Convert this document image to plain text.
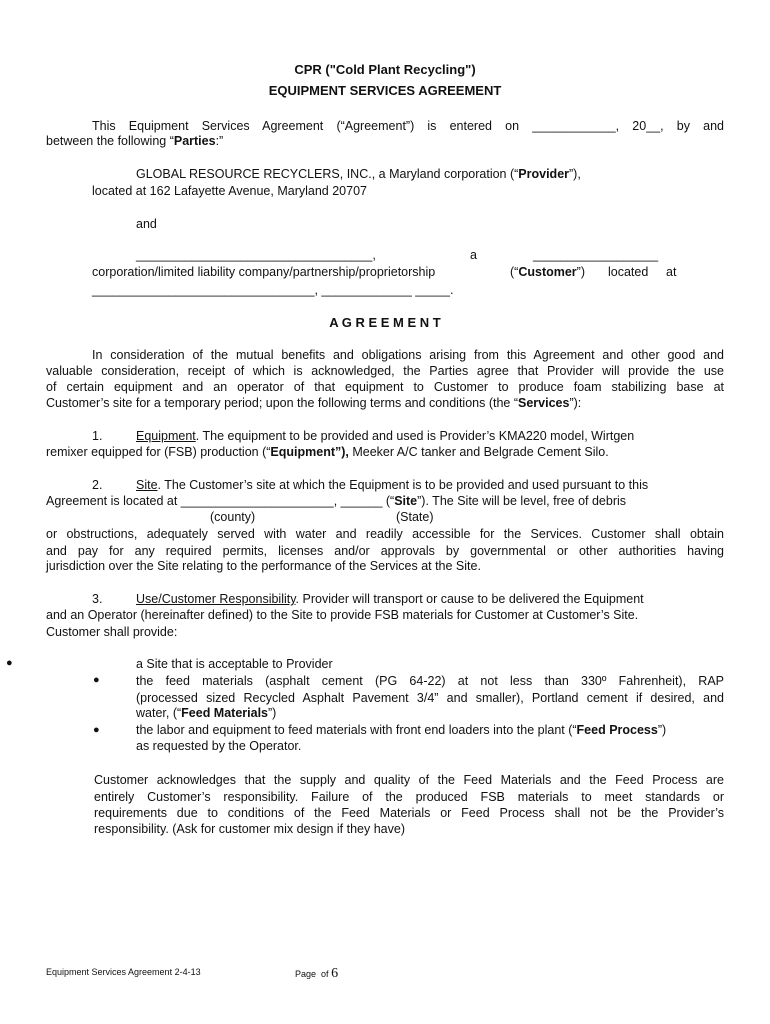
CPR ("Cold Plant Recycling")
EQUIPMENT SERVICES AGREEMENT
This Equipment Services Agreement (“Agreement”) is entered on ____________, 20__, by and
between the following “Parties:”
GLOBAL RESOURCE RECYCLERS, INC., a Maryland corporation (“Provider”),
located at 162 Lafayette Avenue, Maryland 20707
and
__________________________________,	a	__________________
corporation/limited liability company/partnership/proprietorship	(“Customer”) located at
________________________________, _____________ _____.
A G R E E M E N T
In consideration of the mutual benefits and obligations arising from this Agreement and other good and
valuable consideration, receipt of which is acknowledged, the Parties agree that Provider will provide the use
of certain equipment and an operator of that equipment to Customer to produce foam stabilizing base at
Customer’s site for a temporary period; upon the following terms and conditions (the “Services”):
1.	Equipment. The equipment to be provided and used is Provider’s KMA220 model, Wirtgen
remixer equipped for (FSB) production (“Equipment”), Meeker A/C tanker and Belgrade Cement Silo.
2.	Site. The Customer’s site at which the Equipment is to be provided and used pursuant to this
Agreement is located at ______________________, ______ (“Site”). The Site will be level, free of debris
(county)	(State)
or obstructions, adequately served with water and readily accessible for the Services. Customer shall obtain
and pay for any required permits, licenses and/or approvals by governmental or other authorities having
jurisdiction over the Site relating to the performance of the Services at the Site.
3.	Use/Customer Responsibility. Provider will transport or cause to be delivered the Equipment
and an Operator (hereinafter defined) to the Site to provide FSB materials for Customer at Customer’s Site.
Customer shall provide:
●	a Site that is acceptable to Provider
●	the feed materials (asphalt cement (PG 64-22) at not less than 330º Fahrenheit), RAP
(processed sized Recycled Asphalt Pavement 3/4” and smaller), Portland cement if desired, and
water, (“Feed Materials”)
●	the labor and equipment to feed materials with front end loaders into the plant (“Feed Process”)
as requested by the Operator.
Customer acknowledges that the supply and quality of the Feed Materials and the Feed Process are
entirely Customer’s responsibility. Failure of the produced FSB materials to meet standards or
requirements due to conditions of the Feed Materials or Feed Process shall not be the Provider’s
responsibility. (Ask for customer mix design if they have)
Equipment Services Agreement 2-4-13	Page of 6
